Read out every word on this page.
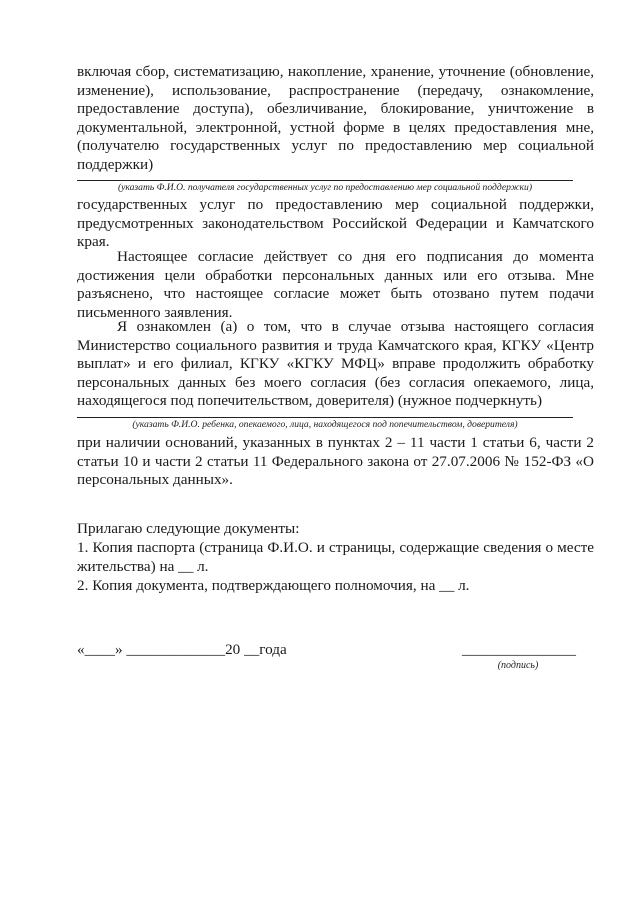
включая сбор, систематизацию, накопление, хранение, уточнение (обновление, изменение), использование, распространение (передачу, ознакомление, предоставление доступа), обезличивание, блокирование, уничтожение в документальной, электронной, устной форме в целях предоставления мне, (получателю государственных услуг по предоставлению мер социальной поддержки)

(указать Ф.И.О. получателя государственных услуг по предоставлению мер социальной поддержки)

государственных услуг по предоставлению мер социальной поддержки, предусмотренных законодательством Российской Федерации и Камчатского края.

Настоящее согласие действует со дня его подписания до момента достижения цели обработки персональных данных или его отзыва. Мне разъяснено, что настоящее согласие может быть отозвано путем подачи письменного заявления.

Я ознакомлен (а) о том, что в случае отзыва настоящего согласия Министерство социального развития и труда Камчатского края, КГКУ «Центр выплат» и его филиал, КГКУ «КГКУ МФЦ» вправе продолжить обработку персональных данных без моего согласия (без согласия опекаемого, лица, находящегося под попечительством, доверителя) (нужное подчеркнуть)

(указать Ф.И.О. ребенка, опекаемого, лица, находящегося под попечительством, доверителя)

при наличии оснований, указанных в пунктах 2 – 11 части 1 статьи 6, части 2 статьи 10 и части 2 статьи 11 Федерального закона от 27.07.2006 № 152-ФЗ «О персональных данных».

Прилагаю следующие документы:

1. Копия паспорта (страница Ф.И.О. и страницы, содержащие сведения о месте жительства) на __ л.

2. Копия документа, подтверждающего полномочия, на __ л.
«____» _____________20 __года	_______________
(подпись)
